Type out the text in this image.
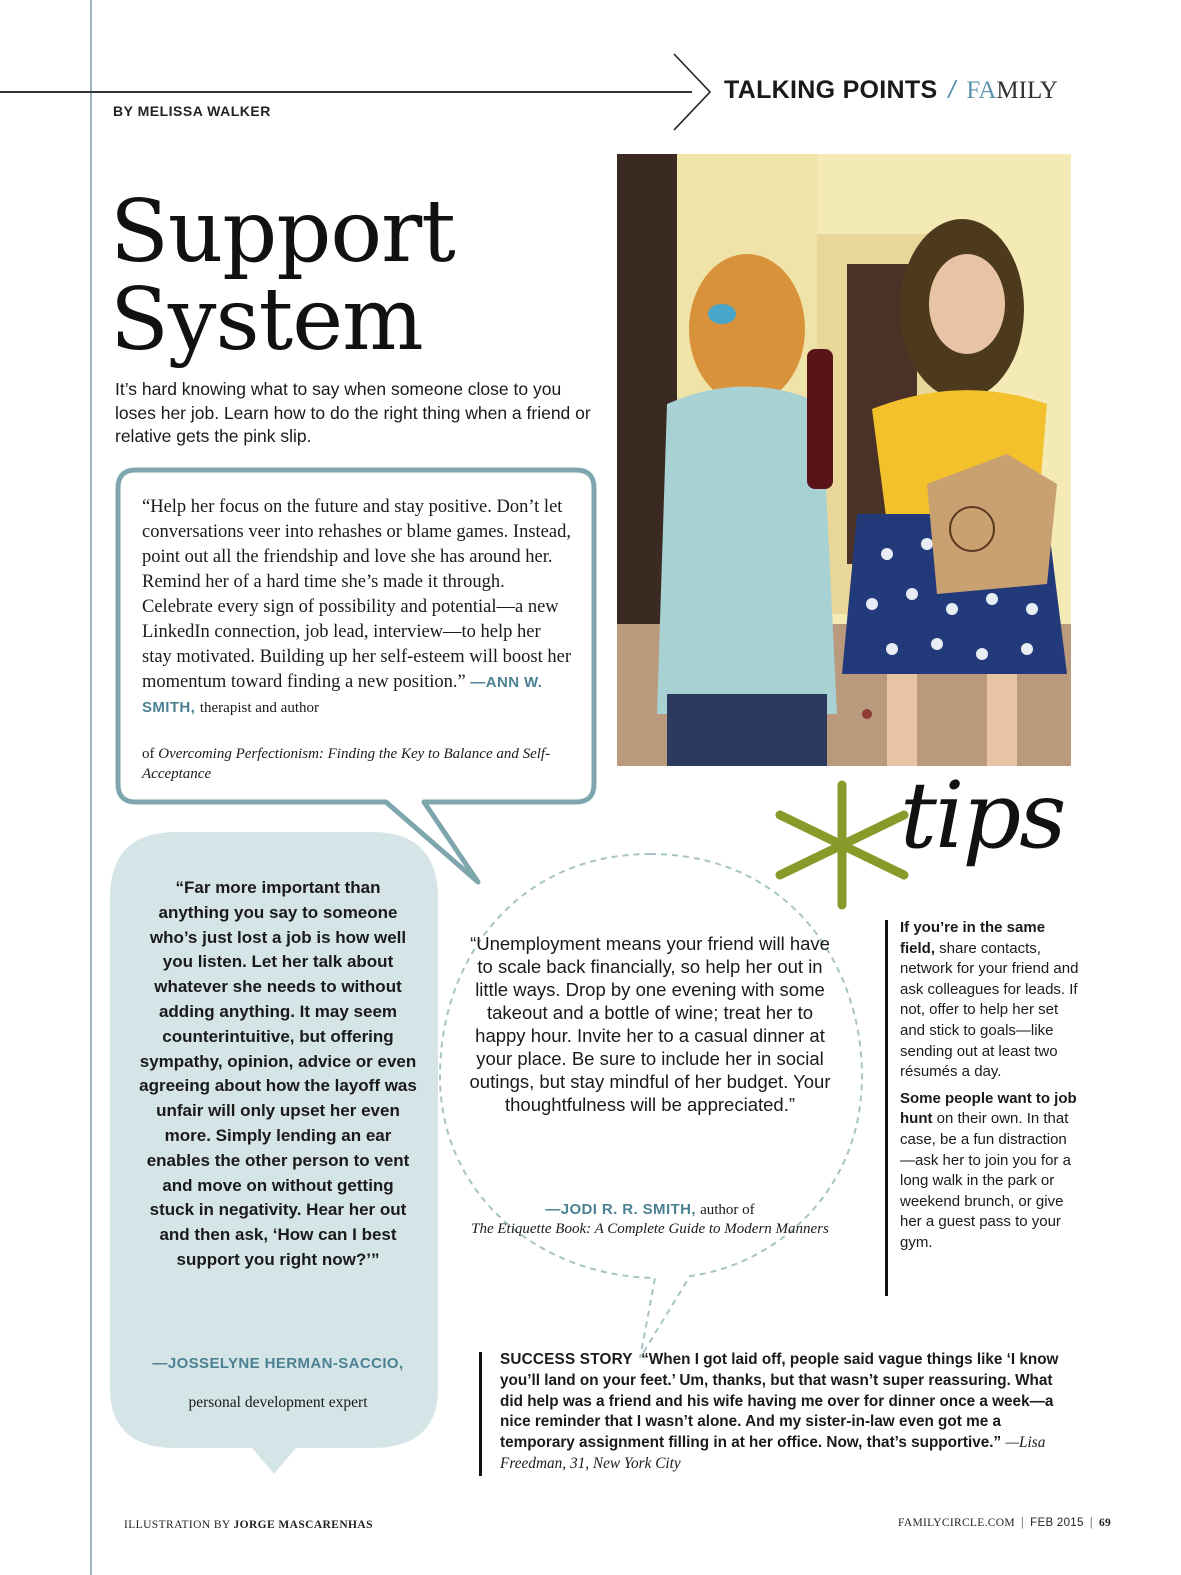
TALKING POINTS / FAMILY
BY MELISSA WALKER
Support
System

It’s hard knowing what to say when someone close to you loses her job. Learn how to do the right thing when a friend or relative gets the pink slip.

“Help her focus on the future and stay positive. Don’t let conversations veer into rehashes or blame games. Instead, point out all the friendship and love she has around her. Remind her of a hard time she’s made it through. Celebrate every sign of possibility and potential—a new LinkedIn connection, job lead, interview—to help her stay motivated. Building up her self-esteem will boost her momentum toward finding a new position.” —ANN W. SMITH, therapist and author

of Overcoming Perfectionism: Finding the Key to Balance and Self-Acceptance	tips

“Far more important than anything you say to someone who’s just lost a job is how well you listen. Let her talk about whatever she needs to without adding anything. It may seem counterintuitive, but offering sympathy, opinion, advice or even agreeing about how the layoff was unfair will only upset her even more. Simply lending an ear enables the other person to vent and move on without getting stuck in negativity. Hear her out and then ask, ‘How can I best support you right now?’”

—JOSSELYNE HERMAN-SACCIO,
personal development expert

“Unemployment means your friend will have to scale back financially, so help her out in little ways. Drop by one evening with some takeout and a bottle of wine; treat her to happy hour. Invite her to a casual dinner at your place. Be sure to include her in social outings, but stay mindful of her budget. Your thoughtfulness will be appreciated.”

—JODI R. R. SMITH, author of
The Etiquette Book: A Complete Guide to Modern Manners

If you’re in the same field, share contacts, network for your friend and ask colleagues for leads. If not, offer to help her set and stick to goals—like sending out at least two résumés a day.

Some people want to job hunt on their own. In that case, be a fun distraction—ask her to join you for a long walk in the park or weekend brunch, or give her a guest pass to your gym.

SUCCESS STORY “When I got laid off, people said vague things like ‘I know you’ll land on your feet.’ Um, thanks, but that wasn’t super reassuring. What did help was a friend and his wife having me over for dinner once a week—a nice reminder that I wasn’t alone. And my sister-in-law even got me a temporary assignment filling in at her office. Now, that’s supportive.” —Lisa Freedman, 31, New York City

ILLUSTRATION BY JORGE MASCARENHAS	FAMILYCIRCLE.COM | FEB 2015 | 69
